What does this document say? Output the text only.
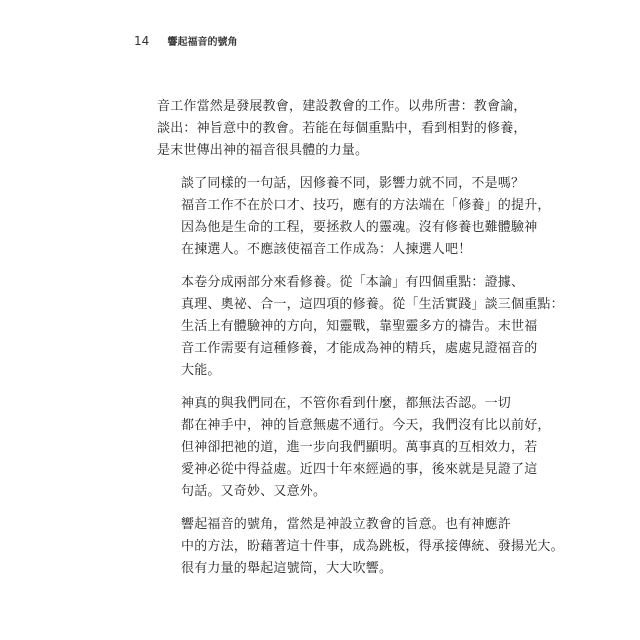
14 響起福音的號角

音工作當然是發展教會，建設教會的工作。以弗所書：教會論，
談出：神旨意中的教會。若能在每個重點中，看到相對的修養，
是末世傳出神的福音很具體的力量。

談了同樣的一句話，因修養不同，影響力就不同，不是嗎？
福音工作不在於口才、技巧，應有的方法端在「修養」的提升，
因為他是生命的工程，要拯救人的靈魂。沒有修養也難體驗神
在揀選人。不應該使福音工作成為：人揀選人吧！

本卷分成兩部分來看修養。從「本論」有四個重點：證據、
真理、奧祕、合一，這四項的修養。從「生活實踐」談三個重點：
生活上有體驗神的方向，知靈戰，靠聖靈多方的禱告。末世福
音工作需要有這種修養，才能成為神的精兵，處處見證福音的
大能。

神真的與我們同在，不管你看到什麼，都無法否認。一切
都在神手中，神的旨意無處不通行。今天，我們沒有比以前好，
但神卻把祂的道，進一步向我們顯明。萬事真的互相效力，若
愛神必從中得益處。近四十年來經過的事，後來就是見證了這
句話。又奇妙、又意外。

響起福音的號角，當然是神設立教會的旨意。也有神應許
中的方法，盼藉著這十件事，成為跳板，得承接傳統、發揚光大。
很有力量的舉起這號筒，大大吹響。
